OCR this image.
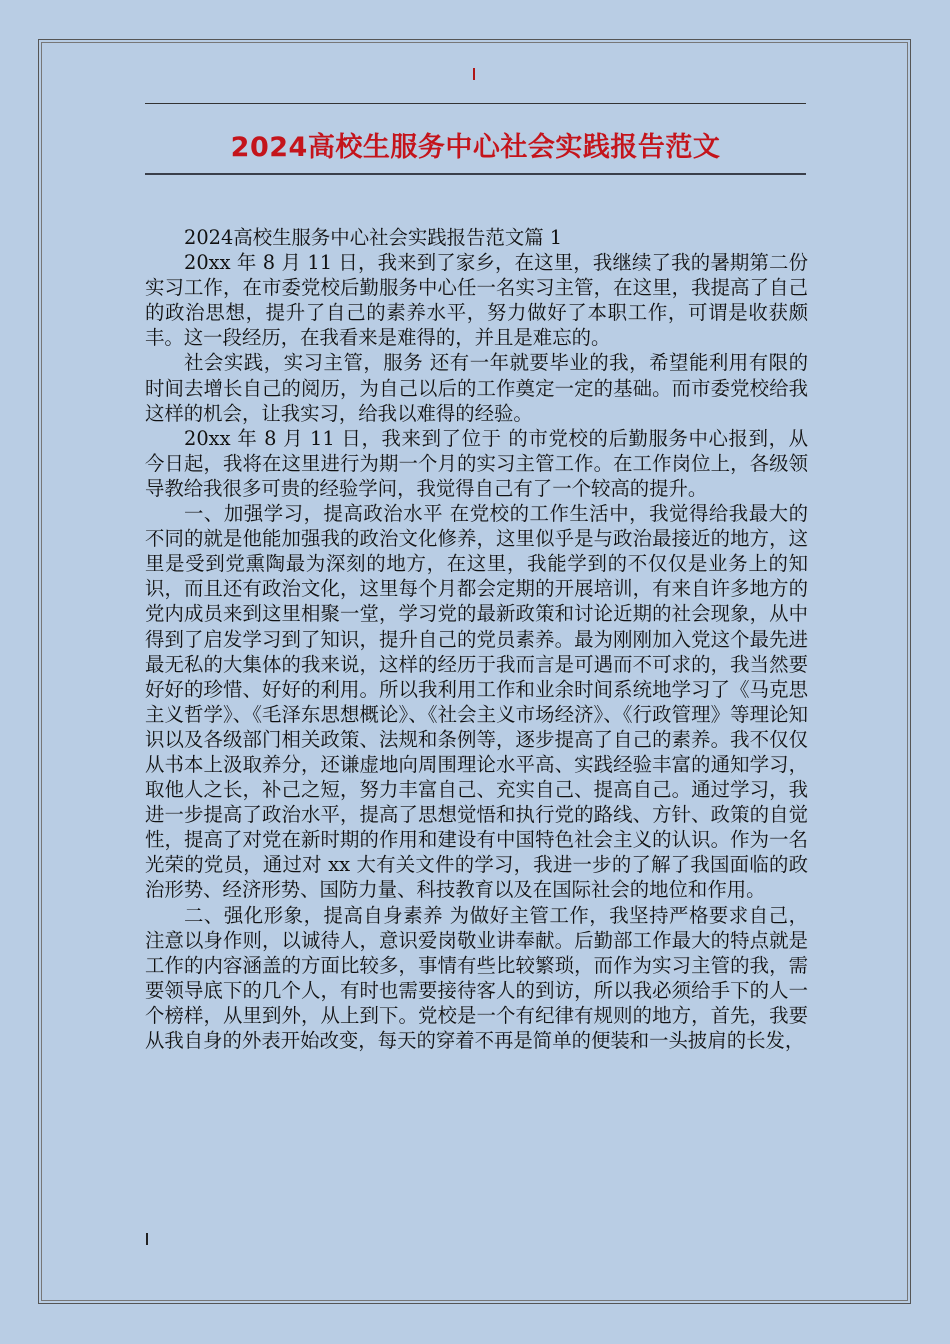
2024高校生服务中心社会实践报告范文

2024高校生服务中心社会实践报告范文篇 1

20xx 年 8 月 11 日，我来到了家乡，在这里，我继续了我的暑期第二份实习工作，在市委党校后勤服务中心任一名实习主管，在这里，我提高了自己的政治思想，提升了自己的素养水平，努力做好了本职工作，可谓是收获颇丰。这一段经历，在我看来是难得的，并且是难忘的。

社会实践，实习主管，服务 还有一年就要毕业的我，希望能利用有限的时间去增长自己的阅历，为自己以后的工作奠定一定的基础。而市委党校给我这样的机会，让我实习，给我以难得的经验。

20xx 年 8 月 11 日，我来到了位于 的市党校的后勤服务中心报到，从今日起，我将在这里进行为期一个月的实习主管工作。在工作岗位上，各级领导教给我很多可贵的经验学问，我觉得自己有了一个较高的提升。

一、加强学习，提高政治水平 在党校的工作生活中，我觉得给我最大的不同的就是他能加强我的政治文化修养，这里似乎是与政治最接近的地方，这里是受到党熏陶最为深刻的地方，在这里，我能学到的不仅仅是业务上的知识，而且还有政治文化，这里每个月都会定期的开展培训，有来自许多地方的党内成员来到这里相聚一堂，学习党的最新政策和讨论近期的社会现象，从中得到了启发学习到了知识，提升自己的党员素养。最为刚刚加入党这个最先进最无私的大集体的我来说，这样的经历于我而言是可遇而不可求的，我当然要好好的珍惜、好好的利用。所以我利用工作和业余时间系统地学习了《马克思主义哲学》、《毛泽东思想概论》、《社会主义市场经济》、《行政管理》等理论知识以及各级部门相关政策、法规和条例等，逐步提高了自己的素养。我不仅仅从书本上汲取养分，还谦虚地向周围理论水平高、实践经验丰富的通知学习，取他人之长，补己之短，努力丰富自己、充实自己、提高自己。通过学习，我进一步提高了政治水平，提高了思想觉悟和执行党的路线、方针、政策的自觉性，提高了对党在新时期的作用和建设有中国特色社会主义的认识。作为一名光荣的党员，通过对 xx 大有关文件的学习，我进一步的了解了我国面临的政治形势、经济形势、国防力量、科技教育以及在国际社会的地位和作用。

二、强化形象，提高自身素养 为做好主管工作，我坚持严格要求自己，注意以身作则，以诚待人，意识爱岗敬业讲奉献。后勤部工作最大的特点就是工作的内容涵盖的方面比较多，事情有些比较繁琐，而作为实习主管的我，需要领导底下的几个人，有时也需要接待客人的到访，所以我必须给手下的人一个榜样，从里到外，从上到下。党校是一个有纪律有规则的地方，首先，我要从我自身的外表开始改变，每天的穿着不再是简单的便装和一头披肩的长发，
